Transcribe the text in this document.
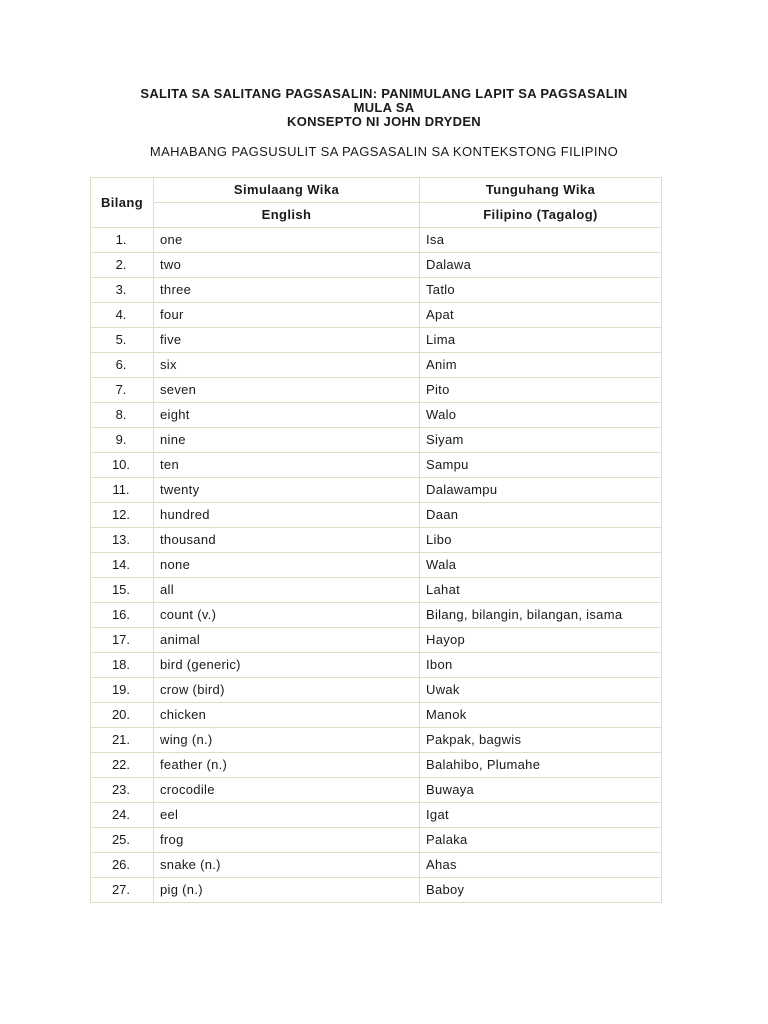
SALITA SA SALITANG PAGSASALIN: PANIMULANG LAPIT SA PAGSASALIN
MULA SA
KONSEPTO NI JOHN DRYDEN
MAHABANG PAGSUSULIT SA PAGSASALIN SA KONTEKSTONG FILIPINO
Bilang	Simulaang Wika	Tunguhang Wika
	English	Filipino (Tagalog)
1.	one	Isa
2.	two	Dalawa
3.	three	Tatlo
4.	four	Apat
5.	five	Lima
6.	six	Anim
7.	seven	Pito
8.	eight	Walo
9.	nine	Siyam
10.	ten	Sampu
11.	twenty	Dalawampu
12.	hundred	Daan
13.	thousand	Libo
14.	none	Wala
15.	all	Lahat
16.	count (v.)	Bilang, bilangin, bilangan, isama
17.	animal	Hayop
18.	bird (generic)	Ibon
19.	crow (bird)	Uwak
20.	chicken	Manok
21.	wing (n.)	Pakpak, bagwis
22.	feather (n.)	Balahibo, Plumahe
23.	crocodile	Buwaya
24.	eel	Igat
25.	frog	Palaka
26.	snake (n.)	Ahas
27.	pig (n.)	Baboy
